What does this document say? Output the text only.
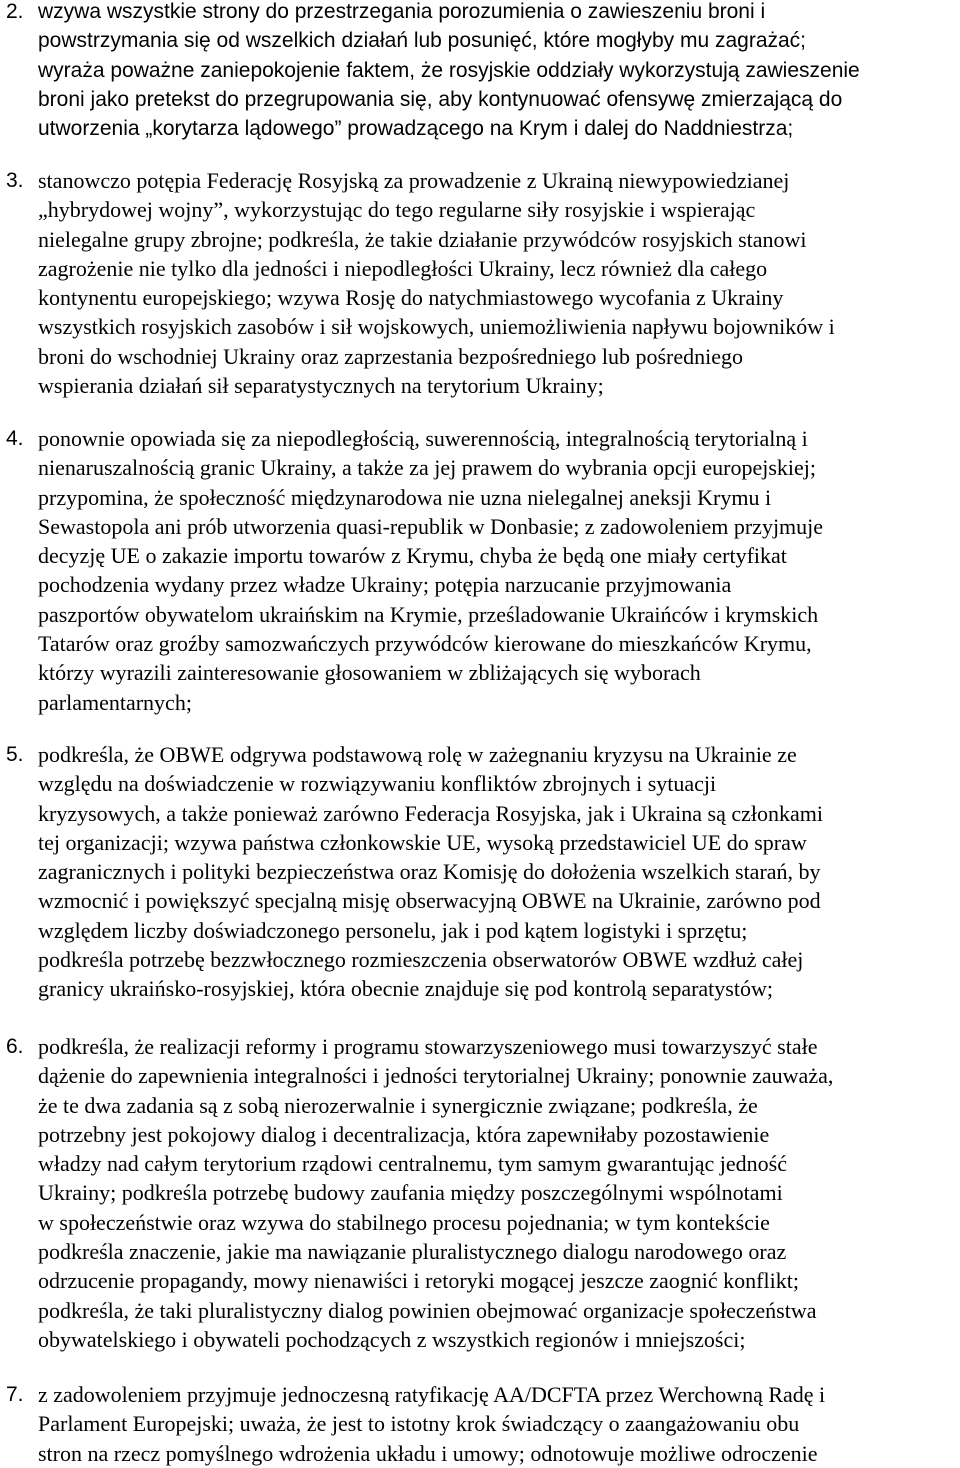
2. wzywa wszystkie strony do przestrzegania porozumienia o zawieszeniu broni i
powstrzymania się od wszelkich działań lub posunięć, które mogłyby mu zagrażać;
wyraża poważne zaniepokojenie faktem, że rosyjskie oddziały wykorzystują zawieszenie
broni jako pretekst do przegrupowania się, aby kontynuować ofensywę zmierzającą do
utworzenia „korytarza lądowego” prowadzącego na Krym i dalej do Naddniestrza;
3. stanowczo potępia Federację Rosyjską za prowadzenie z Ukrainą niewypowiedzianej
„hybrydowej wojny”, wykorzystując do tego regularne siły rosyjskie i wspierając
nielegalne grupy zbrojne; podkreśla, że takie działanie przywódców rosyjskich stanowi
zagrożenie nie tylko dla jedności i niepodległości Ukrainy, lecz również dla całego
kontynentu europejskiego; wzywa Rosję do natychmiastowego wycofania z Ukrainy
wszystkich rosyjskich zasobów i sił wojskowych, uniemożliwienia napływu bojowników i
broni do wschodniej Ukrainy oraz zaprzestania bezpośredniego lub pośredniego
wspierania działań sił separatystycznych na terytorium Ukrainy;
4. ponownie opowiada się za niepodległością, suwerennością, integralnością terytorialną i
nienaruszalnością granic Ukrainy, a także za jej prawem do wybrania opcji europejskiej;
przypomina, że społeczność międzynarodowa nie uzna nielegalnej aneksji Krymu i
Sewastopola ani prób utworzenia quasi-republik w Donbasie; z zadowoleniem przyjmuje
decyzję UE o zakazie importu towarów z Krymu, chyba że będą one miały certyfikat
pochodzenia wydany przez władze Ukrainy; potępia narzucanie przyjmowania
paszportów obywatelom ukraińskim na Krymie, prześladowanie Ukraińców i krymskich
Tatarów oraz groźby samozwańczych przywódców kierowane do mieszkańców Krymu,
którzy wyrazili zainteresowanie głosowaniem w zbliżających się wyborach
parlamentarnych;
5. podkreśla, że OBWE odgrywa podstawową rolę w zażegnaniu kryzysu na Ukrainie ze
względu na doświadczenie w rozwiązywaniu konfliktów zbrojnych i sytuacji
kryzysowych, a także ponieważ zarówno Federacja Rosyjska, jak i Ukraina są członkami
tej organizacji; wzywa państwa członkowskie UE, wysoką przedstawiciel UE do spraw
zagranicznych i polityki bezpieczeństwa oraz Komisję do dołożenia wszelkich starań, by
wzmocnić i powiększyć specjalną misję obserwacyjną OBWE na Ukrainie, zarówno pod
względem liczby doświadczonego personelu, jak i pod kątem logistyki i sprzętu;
podkreśla potrzebę bezzwłocznego rozmieszczenia obserwatorów OBWE wzdłuż całej
granicy ukraińsko-rosyjskiej, która obecnie znajduje się pod kontrolą separatystów;
6. podkreśla, że realizacji reformy i programu stowarzyszeniowego musi towarzyszyć stałe
dążenie do zapewnienia integralności i jedności terytorialnej Ukrainy; ponownie zauważa,
że te dwa zadania są z sobą nierozerwalnie i synergicznie związane; podkreśla, że
potrzebny jest pokojowy dialog i decentralizacja, która zapewniłaby pozostawienie
władzy nad całym terytorium rządowi centralnemu, tym samym gwarantując jedność
Ukrainy; podkreśla potrzebę budowy zaufania między poszczególnymi wspólnotami
w społeczeństwie oraz wzywa do stabilnego procesu pojednania; w tym kontekście
podkreśla znaczenie, jakie ma nawiązanie pluralistycznego dialogu narodowego oraz
odrzucenie propagandy, mowy nienawiści i retoryki mogącej jeszcze zaognić konflikt;
podkreśla, że taki pluralistyczny dialog powinien obejmować organizacje społeczeństwa
obywatelskiego i obywateli pochodzących z wszystkich regionów i mniejszości;
7. z zadowoleniem przyjmuje jednoczesną ratyfikację AA/DCFTA przez Werchowną Radę i
Parlament Europejski; uważa, że jest to istotny krok świadczący o zaangażowaniu obu
stron na rzecz pomyślnego wdrożenia układu i umowy; odnotowuje możliwe odroczenie
